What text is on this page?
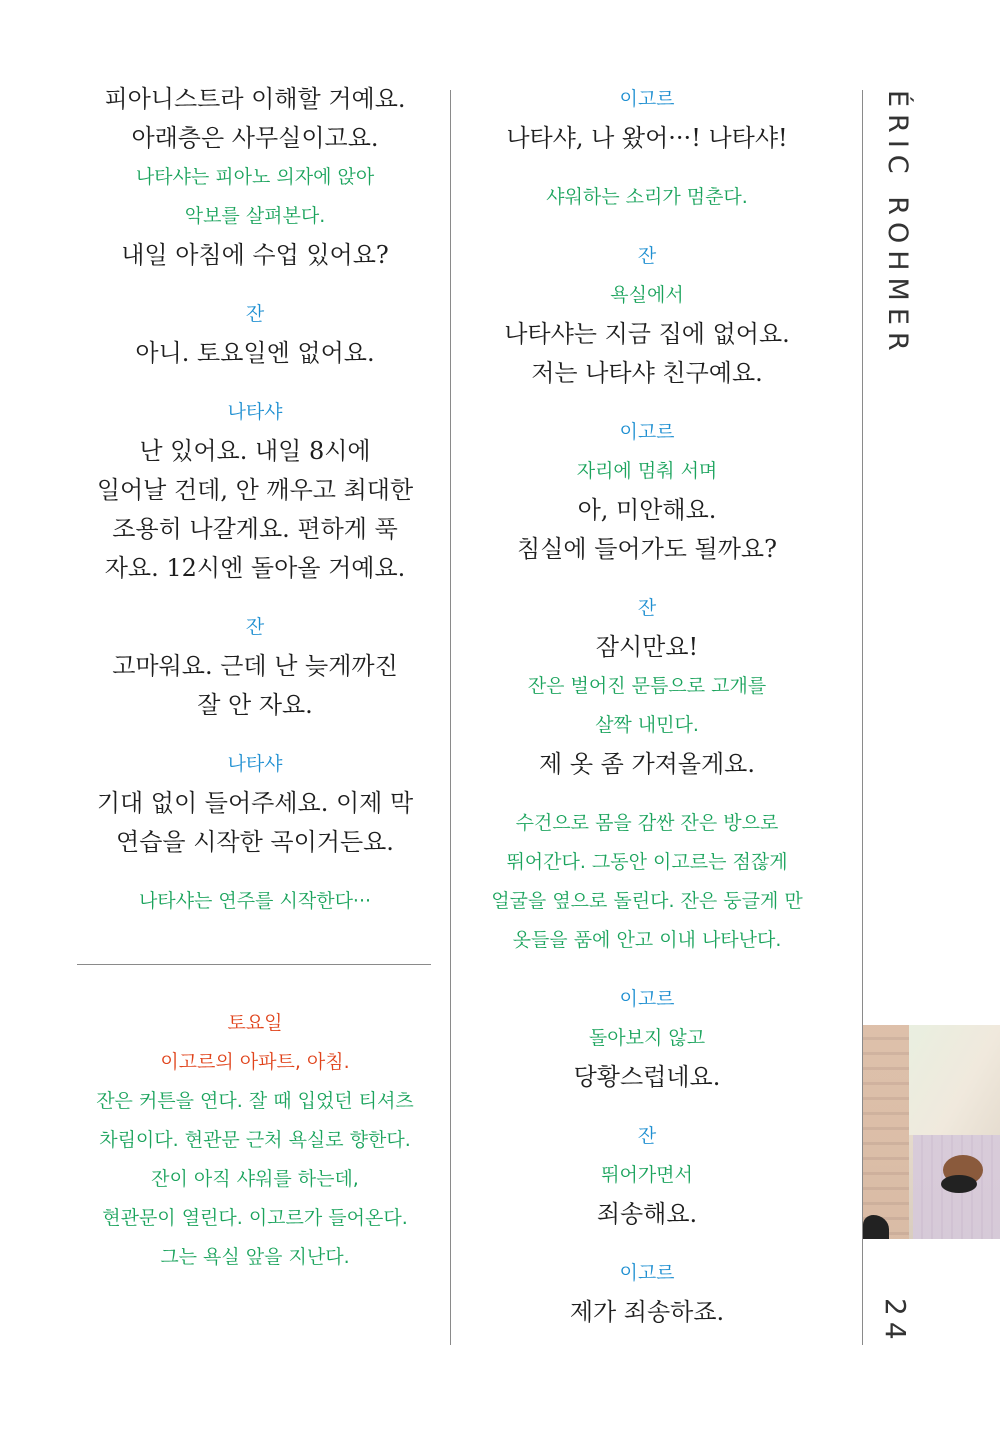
피아니스트라 이해할 거예요.
아래층은 사무실이고요.
나타샤는 피아노 의자에 앉아
악보를 살펴본다.
내일 아침에 수업 있어요?
잔
아니. 토요일엔 없어요.
나타샤
난 있어요. 내일 8시에
일어날 건데, 안 깨우고 최대한
조용히 나갈게요. 편하게 푹
자요. 12시엔 돌아올 거예요.
잔
고마워요. 근데 난 늦게까진
잘 안 자요.
나타샤
기대 없이 들어주세요. 이제 막
연습을 시작한 곡이거든요.
나타샤는 연주를 시작한다···
토요일
이고르의 아파트, 아침.
잔은 커튼을 연다. 잘 때 입었던 티셔츠
차림이다. 현관문 근처 욕실로 향한다.
잔이 아직 샤워를 하는데,
현관문이 열린다. 이고르가 들어온다.
그는 욕실 앞을 지난다.
이고르
나타샤, 나 왔어···! 나타샤!
샤워하는 소리가 멈춘다.
잔
욕실에서
나타샤는 지금 집에 없어요.
저는 나타샤 친구예요.
이고르
자리에 멈춰 서며
아, 미안해요.
침실에 들어가도 될까요?
잔
잠시만요!
잔은 벌어진 문틈으로 고개를
살짝 내민다.
제 옷 좀 가져올게요.
수건으로 몸을 감싼 잔은 방으로
뛰어간다. 그동안 이고르는 점잖게
얼굴을 옆으로 돌린다. 잔은 둥글게 만
옷들을 품에 안고 이내 나타난다.
이고르
돌아보지 않고
당황스럽네요.
잔
뛰어가면서
죄송해요.
이고르
제가 죄송하죠.
ÉRIC ROHMER
24
